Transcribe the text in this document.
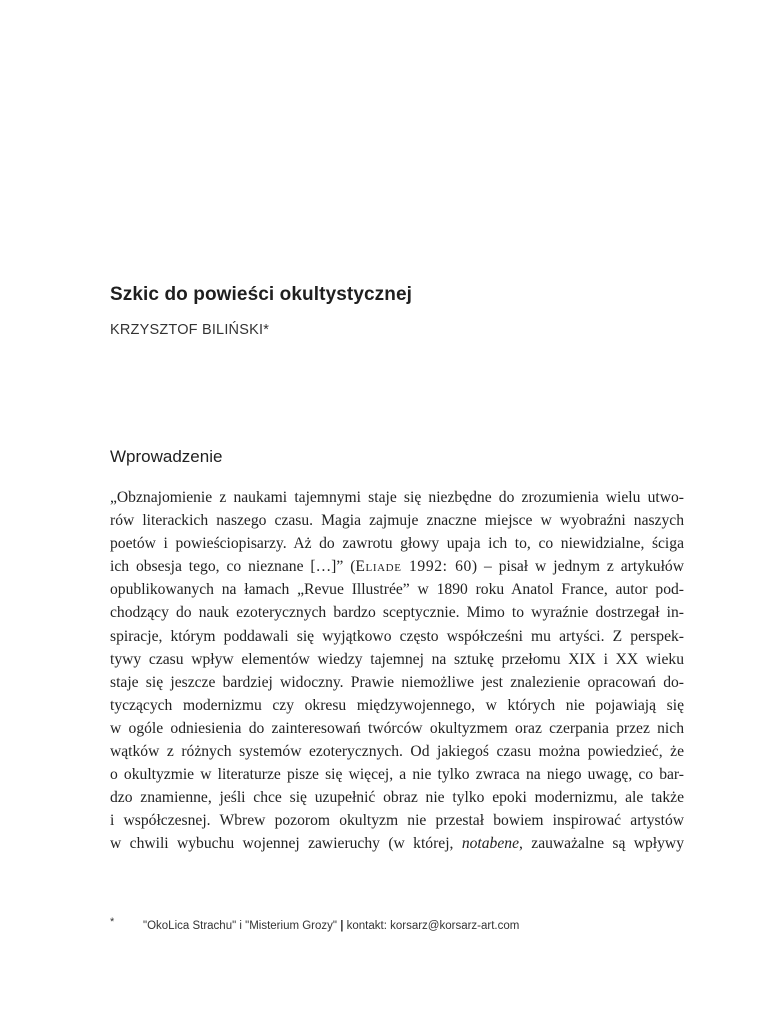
Szkic do powieści okultystycznej
KRZYSZTOF BILIŃSKI*
Wprowadzenie
„Obznajomienie z naukami tajemnymi staje się niezbędne do zrozumienia wielu utwo-
rów literackich naszego czasu. Magia zajmuje znaczne miejsce w wyobraźni naszych
poetów i powieściopisarzy. Aż do zawrotu głowy upaja ich to, co niewidzialne, ściga
ich obsesja tego, co nieznane […]” (Eliade 1992: 60) – pisał w jednym z artykułów
opublikowanych na łamach „Revue Illustrée” w 1890 roku Anatol France, autor pod-
chodzący do nauk ezoterycznych bardzo sceptycznie. Mimo to wyraźnie dostrzegał in-
spiracje, którym poddawali się wyjątkowo często współcześni mu artyści. Z perspek-
tywy czasu wpływ elementów wiedzy tajemnej na sztukę przełomu XIX i XX wieku
staje się jeszcze bardziej widoczny. Prawie niemożliwe jest znalezienie opracowań do-
tyczących modernizmu czy okresu międzywojennego, w których nie pojawiają się
w ogóle odniesienia do zainteresowań twórców okultyzmem oraz czerpania przez nich
wątków z różnych systemów ezoterycznych. Od jakiegoś czasu można powiedzieć, że
o okultyzmie w literaturze pisze się więcej, a nie tylko zwraca na niego uwagę, co bar-
dzo znamienne, jeśli chce się uzupełnić obraz nie tylko epoki modernizmu, ale także
i współczesnej. Wbrew pozorom okultyzm nie przestał bowiem inspirować artystów
w chwili wybuchu wojennej zawieruchy (w której, notabene, zauważalne są wpływy
* "OkoLica Strachu" i "Misterium Grozy" | kontakt: korsarz@korsarz-art.com
